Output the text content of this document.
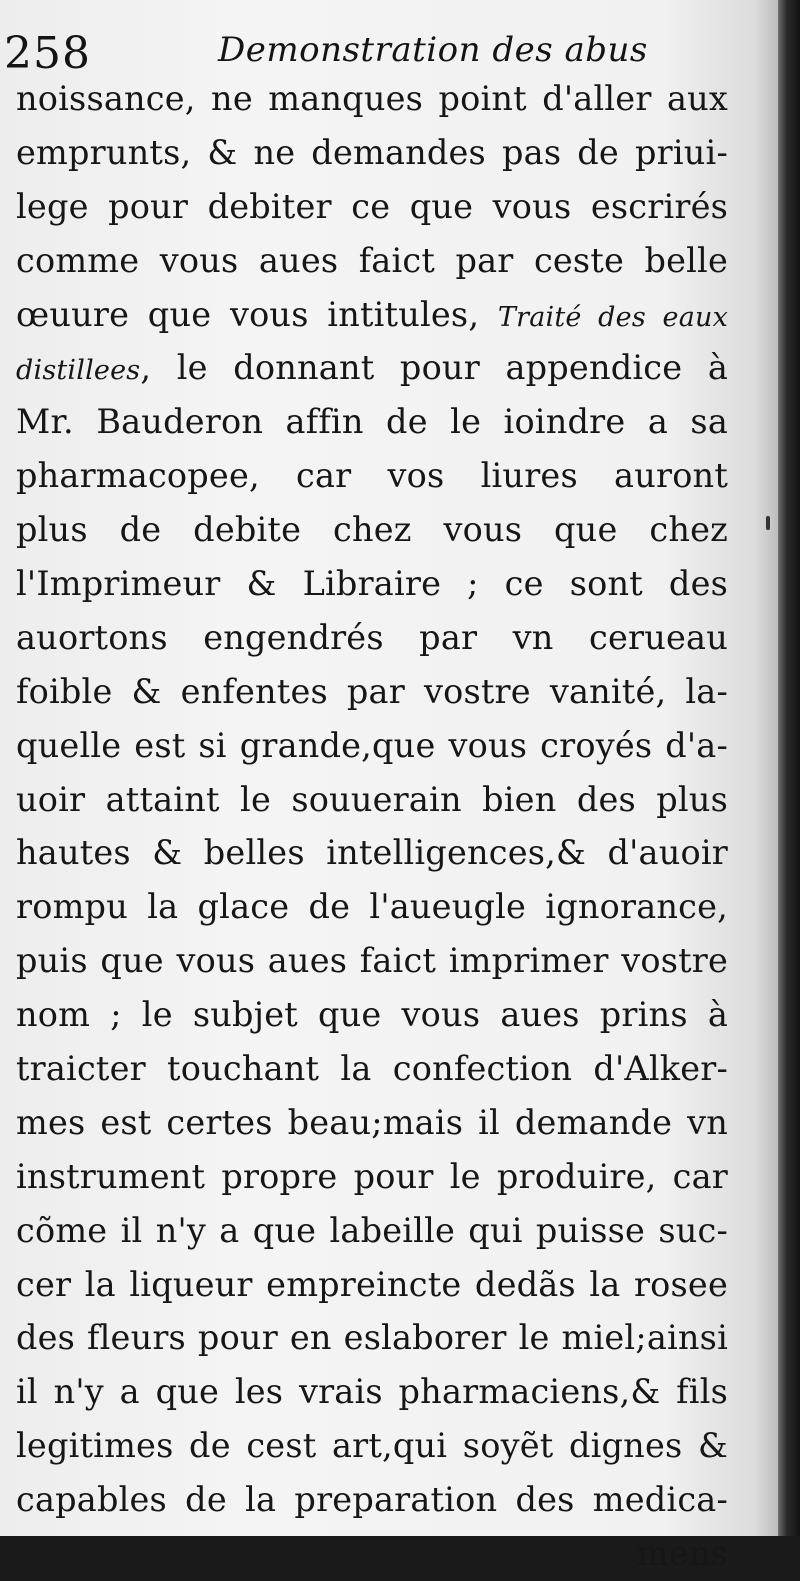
258	Demonstration des abus
noissance, ne manques point d'aller aux
emprunts, & ne demandes pas de priui-
lege pour debiter ce que vous escrirés
comme vous aues faict par ceste belle
œuure que vous intitules, Traité des eaux
distillees, le donnant pour appendice à
Mr. Bauderon affin de le ioindre a sa
pharmacopee, car vos liures auront
plus de debite chez vous que chez
l'Imprimeur & Libraire ; ce sont des
auortons engendrés par vn cerueau
foible & enfentes par vostre vanité, la-
quelle est si grande,que vous croyés d'a-
uoir attaint le souuerain bien des plus
hautes & belles intelligences,& d'auoir
rompu la glace de l'aueugle ignorance,
puis que vous aues faict imprimer vostre
nom ; le subjet que vous aues prins à
traicter touchant la confection d'Alker-
mes est certes beau;mais il demande vn
instrument propre pour le produire, car
cõme il n'y a que labeille qui puisse suc-
cer la liqueur empreincte dedãs la rosee
des fleurs pour en eslaborer le miel;ainsi
il n'y a que les vrais pharmaciens,& fils
legitimes de cest art,qui soyẽt dignes &
capables de la preparation des medica-
mens
